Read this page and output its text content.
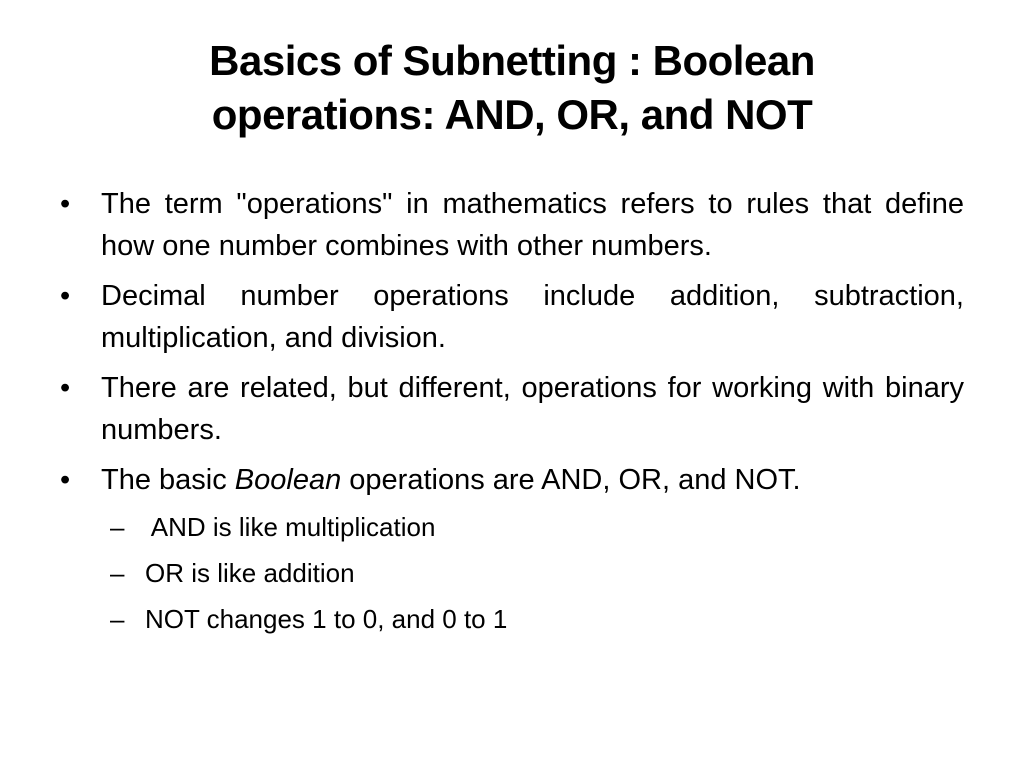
Basics of Subnetting : Boolean
operations: AND, OR, and NOT
•	The term "operations" in mathematics refers to rules that define how one number combines with other numbers.
•	Decimal number operations include addition, subtraction, multiplication, and division.
•	There are related, but different, operations for working with binary numbers.
•	The basic Boolean operations are AND, OR, and NOT.
– AND is like multiplication
– OR is like addition
– NOT changes 1 to 0, and 0 to 1
